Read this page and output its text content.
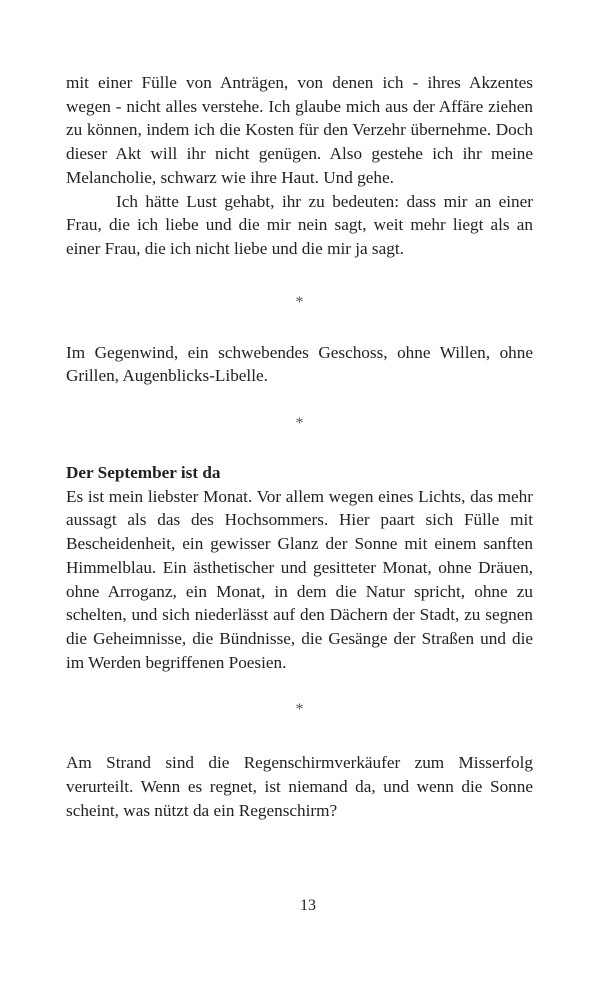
mit einer Fülle von Anträgen, von denen ich - ihres Akzentes wegen - nicht alles verstehe. Ich glaube mich aus der Affäre ziehen zu können, indem ich die Kosten für den Verzehr übernehme. Doch dieser Akt will ihr nicht genügen. Also gestehe ich ihr meine Melancholie, schwarz wie ihre Haut. Und gehe.

Ich hätte Lust gehabt, ihr zu bedeuten: dass mir an einer Frau, die ich liebe und die mir nein sagt, weit mehr liegt als an einer Frau, die ich nicht liebe und die mir ja sagt.

*

Im Gegenwind, ein schwebendes Geschoss, ohne Willen, ohne Grillen, Augenblicks-Libelle.

*
Der September ist da

Es ist mein liebster Monat. Vor allem wegen eines Lichts, das mehr aussagt als das des Hochsommers. Hier paart sich Fülle mit Bescheidenheit, ein gewisser Glanz der Sonne mit einem sanften Himmelblau. Ein ästhetischer und gesitteter Monat, ohne Dräuen, ohne Arroganz, ein Monat, in dem die Natur spricht, ohne zu schelten, und sich niederlässt auf den Dächern der Stadt, zu segnen die Geheimnisse, die Bündnisse, die Gesänge der Straßen und die im Werden begriffenen Poesien.

*

Am Strand sind die Regenschirmverkäufer zum Misserfolg verurteilt. Wenn es regnet, ist niemand da, und wenn die Sonne scheint, was nützt da ein Regenschirm?

13
